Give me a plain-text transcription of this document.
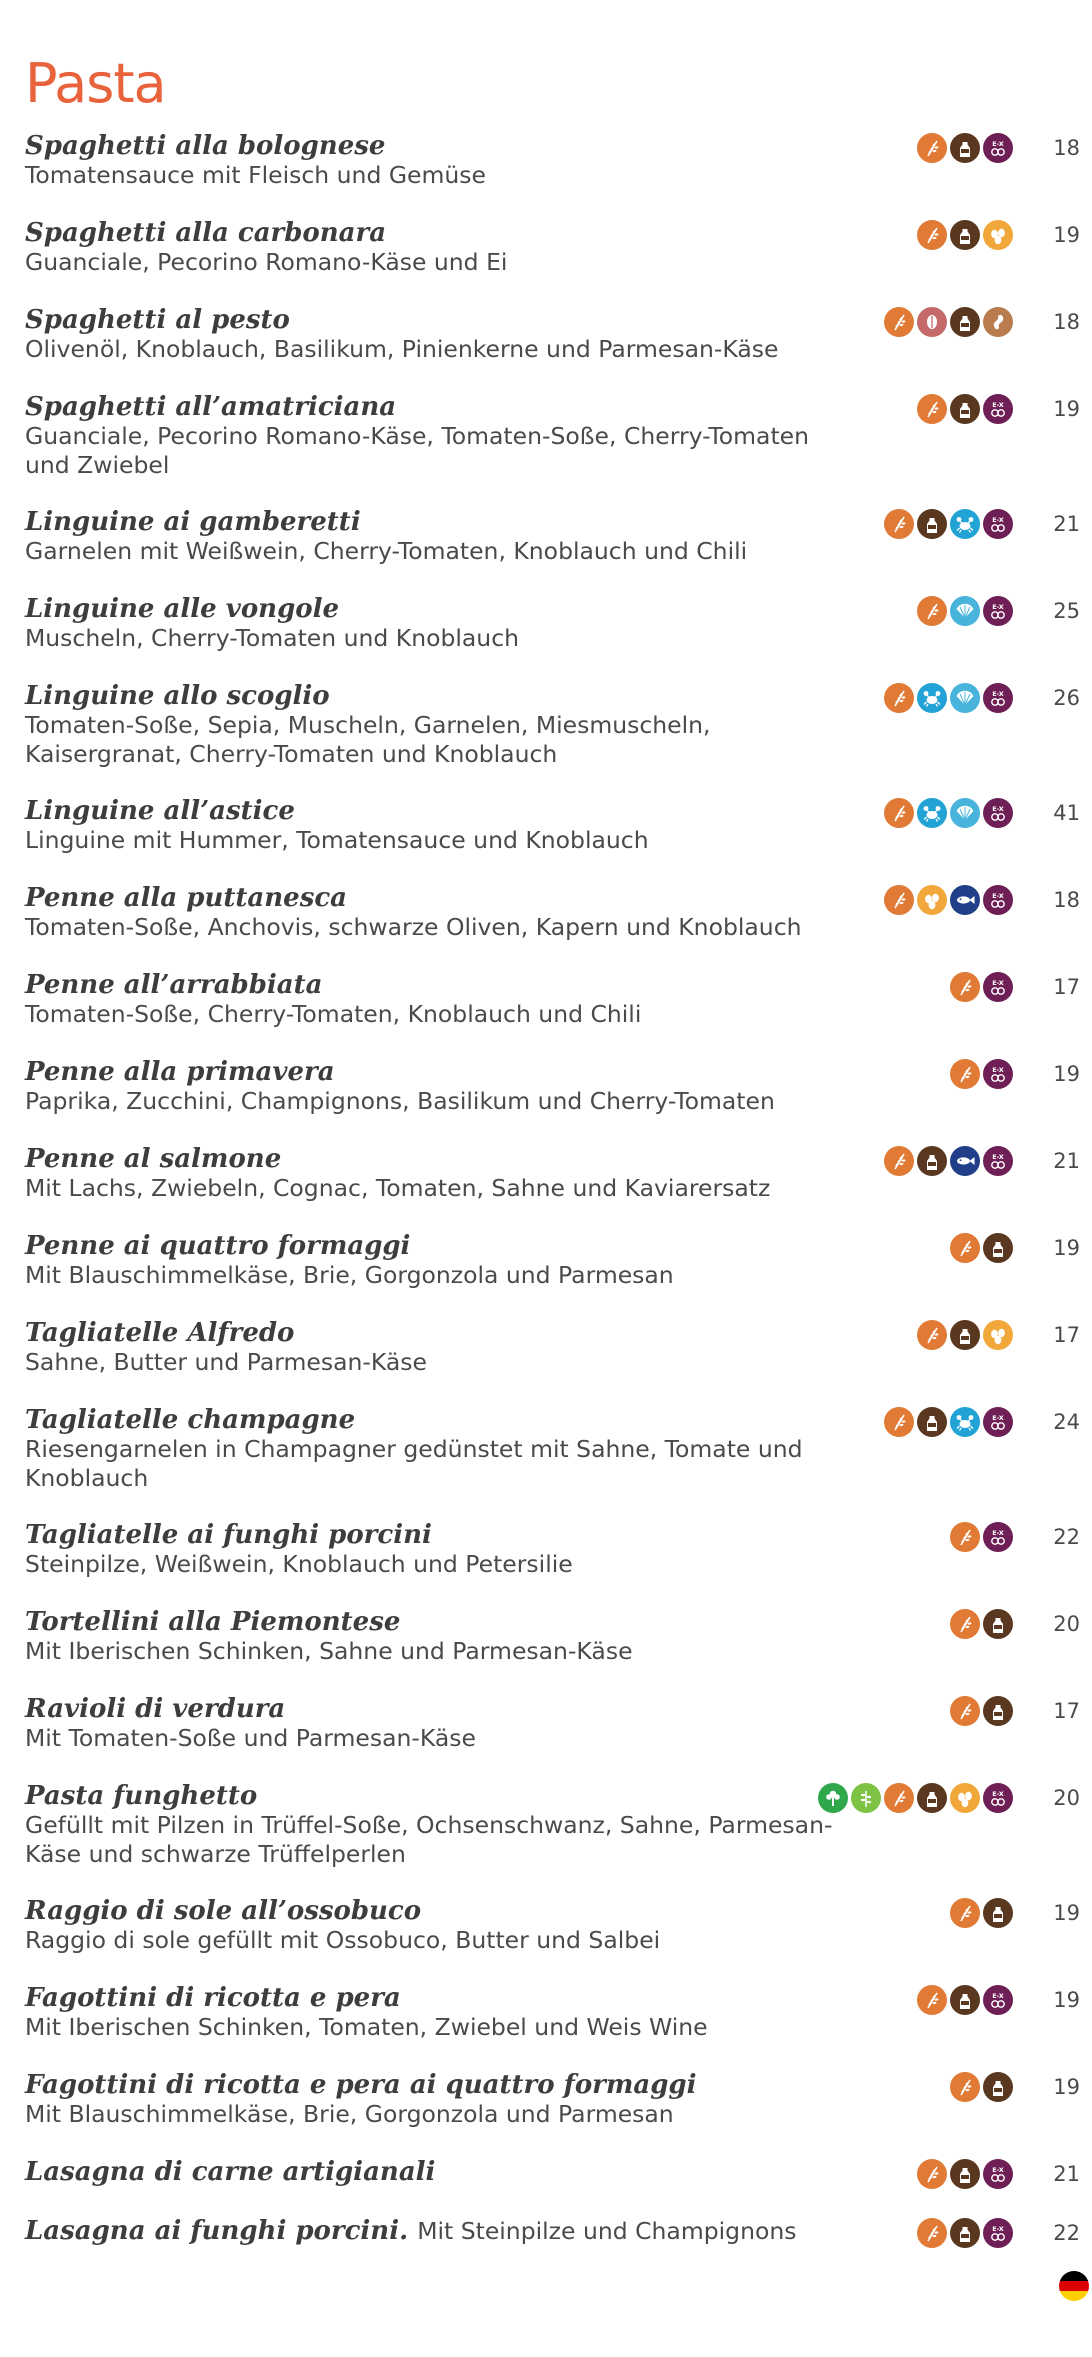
Pasta
Spaghetti alla bolognese
Tomatensauce mit Fleisch und Gemüse
E-X	18
Spaghetti alla carbonara
Guanciale, Pecorino Romano-Käse und Ei
19
Spaghetti al pesto
Olivenöl, Knoblauch, Basilikum, Pinienkerne und Parmesan-Käse
18
Spaghetti all’amatriciana
Guanciale, Pecorino Romano-Käse, Tomaten-Soße, Cherry-Tomaten und Zwiebel
E-X	19
Linguine ai gamberetti
Garnelen mit Weißwein, Cherry-Tomaten, Knoblauch und Chili
E-X	21
Linguine alle vongole
Muscheln, Cherry-Tomaten und Knoblauch
E-X	25
Linguine allo scoglio
Tomaten-Soße, Sepia, Muscheln, Garnelen, Miesmuscheln, Kaisergranat, Cherry-Tomaten und Knoblauch
E-X	26
Linguine all’astice
Linguine mit Hummer, Tomatensauce und Knoblauch
E-X	41
Penne alla puttanesca
Tomaten-Soße, Anchovis, schwarze Oliven, Kapern und Knoblauch
E-X	18
Penne all’arrabbiata
Tomaten-Soße, Cherry-Tomaten, Knoblauch und Chili
E-X	17
Penne alla primavera
Paprika, Zucchini, Champignons, Basilikum und Cherry-Tomaten
E-X	19
Penne al salmone
Mit Lachs, Zwiebeln, Cognac, Tomaten, Sahne und Kaviarersatz
E-X	21
Penne ai quattro formaggi
Mit Blauschimmelkäse, Brie, Gorgonzola und Parmesan
19
Tagliatelle Alfredo
Sahne, Butter und Parmesan-Käse
17
Tagliatelle champagne
Riesengarnelen in Champagner gedünstet mit Sahne, Tomate und Knoblauch
E-X	24
Tagliatelle ai funghi porcini
Steinpilze, Weißwein, Knoblauch und Petersilie
E-X	22
Tortellini alla Piemontese
Mit Iberischen Schinken, Sahne und Parmesan-Käse
20
Ravioli di verdura
Mit Tomaten-Soße und Parmesan-Käse
17
Pasta funghetto
Gefüllt mit Pilzen in Trüffel-Soße, Ochsenschwanz, Sahne, Parmesan-Käse und schwarze Trüffelperlen
E-X	20
Raggio di sole all’ossobuco
Raggio di sole gefüllt mit Ossobuco, Butter und Salbei
19
Fagottini di ricotta e pera
Mit Iberischen Schinken, Tomaten, Zwiebel und Weis Wine
E-X	19
Fagottini di ricotta e pera ai quattro formaggi
Mit Blauschimmelkäse, Brie, Gorgonzola und Parmesan
19
Lasagna di carne artigianali	E-X	21
Lasagna ai funghi porcini. Mit Steinpilze und Champignons	E-X	22
